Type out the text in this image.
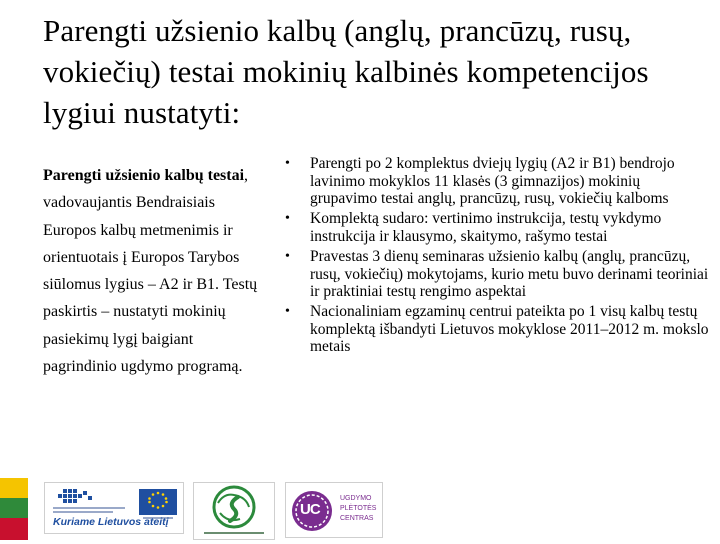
Parengti užsienio kalbų (anglų, prancūzų, rusų, vokiečių) testai mokinių kalbinės kompetencijos lygiui nustatyti:
Parengti užsienio kalbų testai, vadovaujantis Bendraisiais Europos kalbų metmenimis ir orientuotais į Europos Tarybos siūlomus lygius – A2 ir B1. Testų paskirtis – nustatyti mokinių pasiekimų lygį baigiant pagrindinio ugdymo programą.
• Parengti po 2 komplektus dviejų lygių (A2 ir B1) bendrojo lavinimo mokyklos 11 klasės (3 gimnazijos) mokinių grupavimo testai anglų, prancūzų, rusų, vokiečių kalboms
• Komplektą sudaro: vertinimo instrukcija, testų vykdymo instrukcija ir klausymo, skaitymo, rašymo testai
• Pravestas 3 dienų seminaras užsienio kalbų (anglų, prancūzų, rusų, vokiečių) mokytojams, kurio metu buvo derinami teoriniai ir praktiniai testų rengimo aspektai
• Nacionaliniam egzaminų centrui pateikta po 1 visų kalbų testų komplektą išbandyti Lietuvos mokyklose 2011–2012 m. mokslo metais
Kuriame Lietuvos ateitį
UC
UGDYMO
PLĖTOTĖS
CENTRAS
